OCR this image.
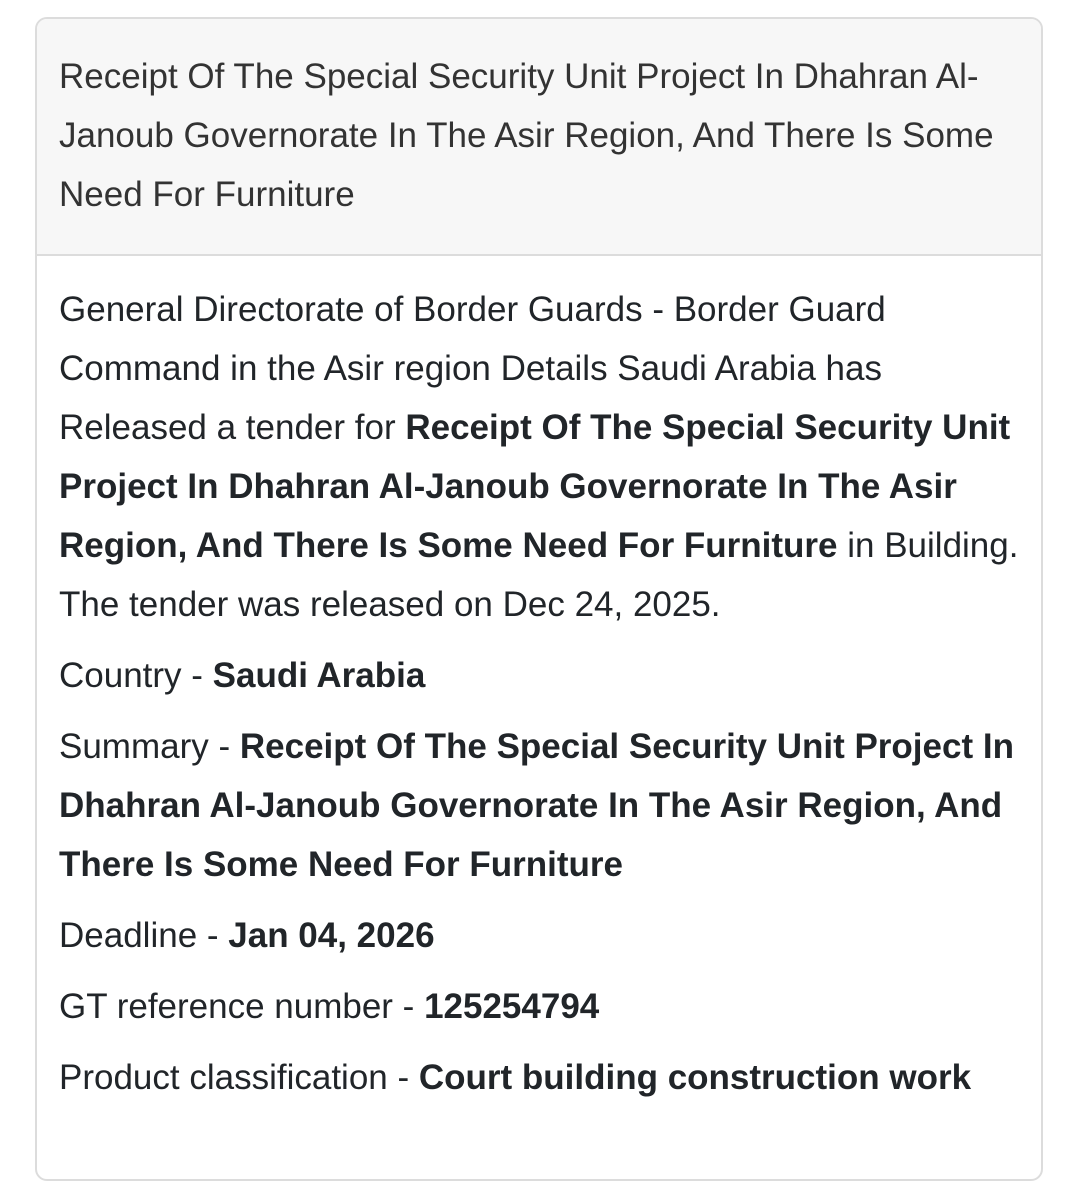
Receipt Of The Special Security Unit Project In Dhahran Al-Janoub Governorate In The Asir Region, And There Is Some Need For Furniture
General Directorate of Border Guards - Border Guard Command in the Asir region Details Saudi Arabia has Released a tender for Receipt Of The Special Security Unit Project In Dhahran Al-Janoub Governorate In The Asir Region, And There Is Some Need For Furniture in Building. The tender was released on Dec 24, 2025.
Country - Saudi Arabia
Summary - Receipt Of The Special Security Unit Project In Dhahran Al-Janoub Governorate In The Asir Region, And There Is Some Need For Furniture
Deadline - Jan 04, 2026
GT reference number - 125254794
Product classification - Court building construction work
